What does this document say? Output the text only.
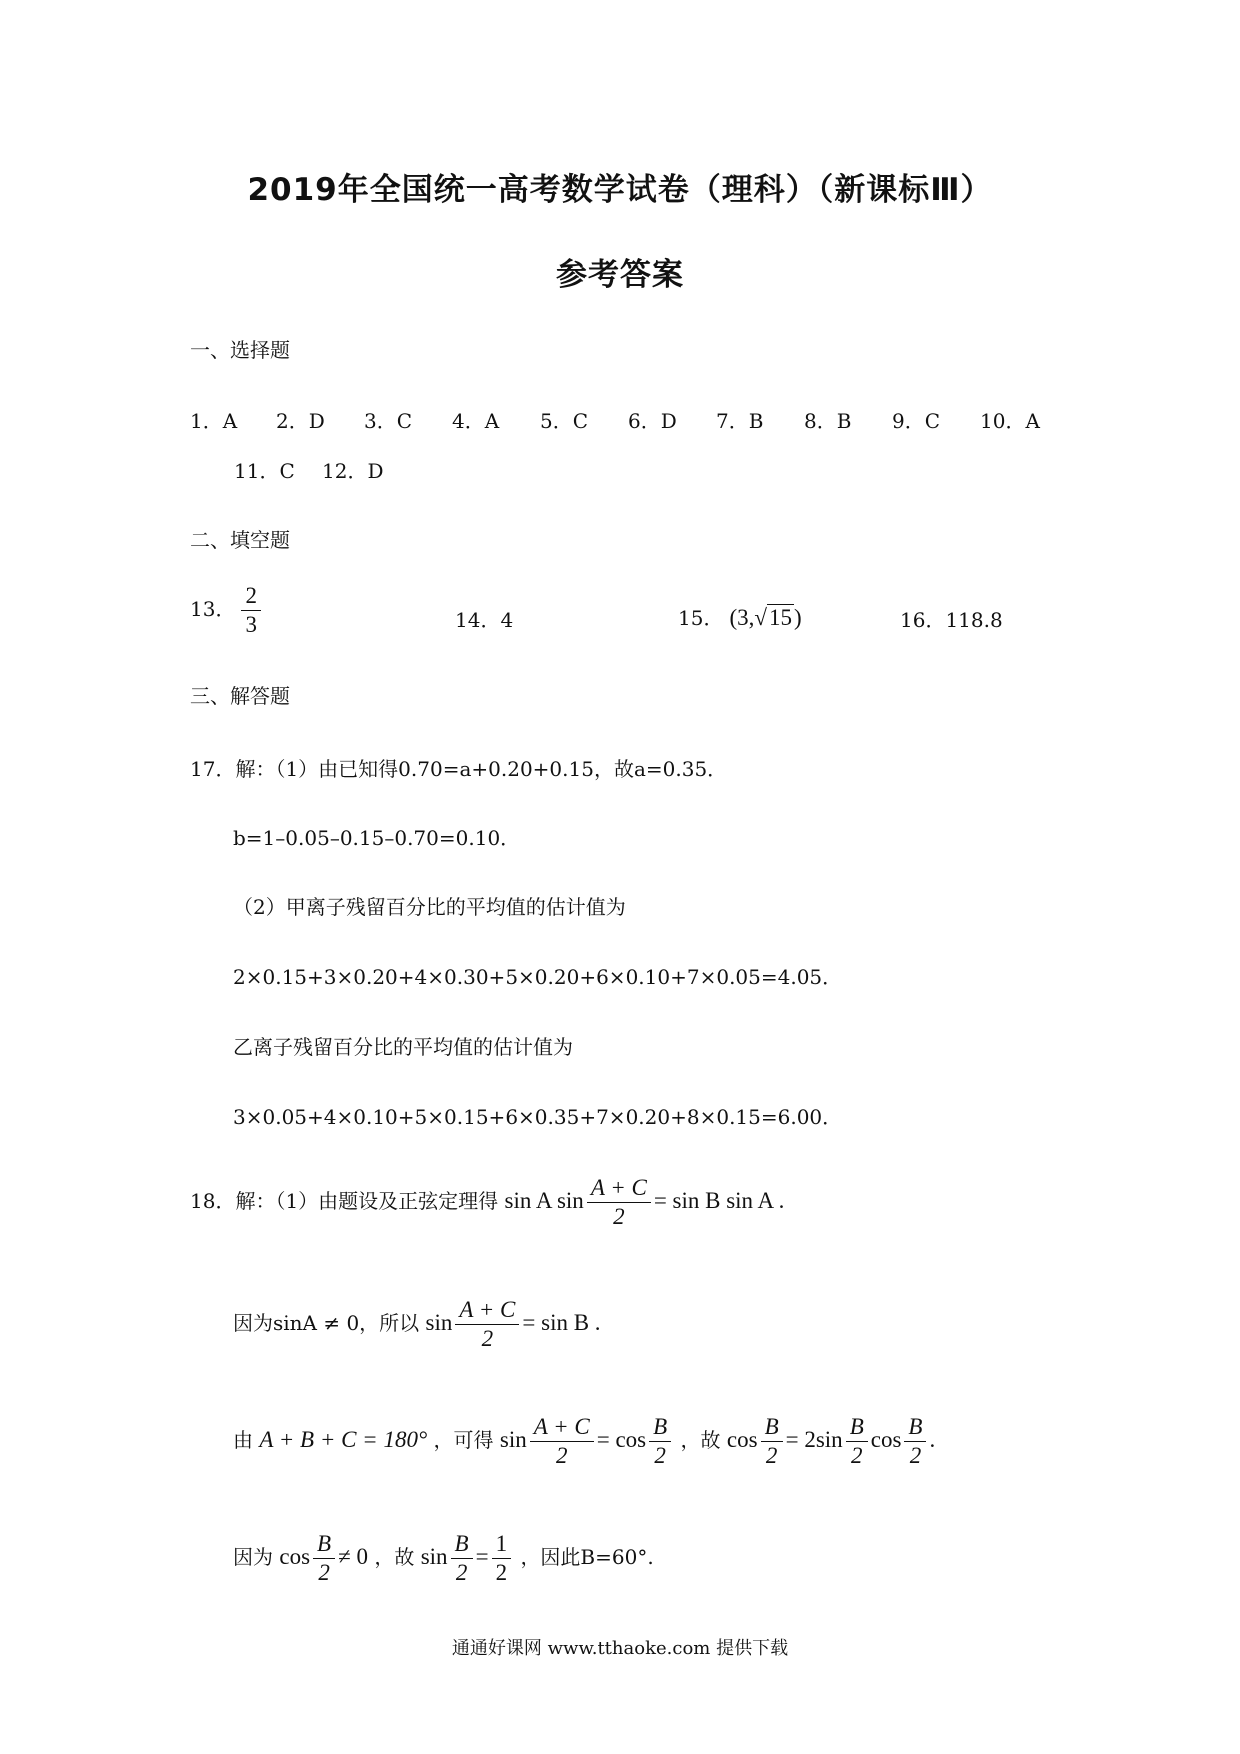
2019年全国统一高考数学试卷（理科）（新课标Ⅲ）
参考答案
一、选择题
1．A 2．D 3．C 4．A 5．C 6．D 7．B 8．B 9．C 10．A
11．C 12．D
二、填空题
13． $\frac{2}{3}$	14．4	15． (3,√15)	16．118.8
三、解答题
17．解：（1）由已知得0.70=a+0.20+0.15，故a=0.35．
b=1–0.05–0.15–0.70=0.10．
（2）甲离子残留百分比的平均值的估计值为
2×0.15+3×0.20+4×0.30+5×0.20+6×0.10+7×0.05=4.05．
乙离子残留百分比的平均值的估计值为
3×0.05+4×0.10+5×0.15+6×0.35+7×0.20+8×0.15=6.00．
18．解：（1）由题设及正弦定理得 sin A $\sin \frac{A + C}{2} = \sin B$ sin A .
因为sinA ≠ 0，所以 $\sin \frac{A + C}{2} = \sin B$ .
由 A + B + C = 180° ，可得 $\sin \frac{A + C}{2} = \cos \frac{B}{2}$ ，故 $\cos \frac{B}{2} = 2\sin \frac{B}{2}$ $\cos \frac{B}{2}$ .
因为 $\cos \frac{B}{2} \ne 0$ ，故 $\sin \frac{B}{2} = \frac{1}{2}$ ，因此B=60°.
通通好课网 www.tthaoke.com 提供下载
